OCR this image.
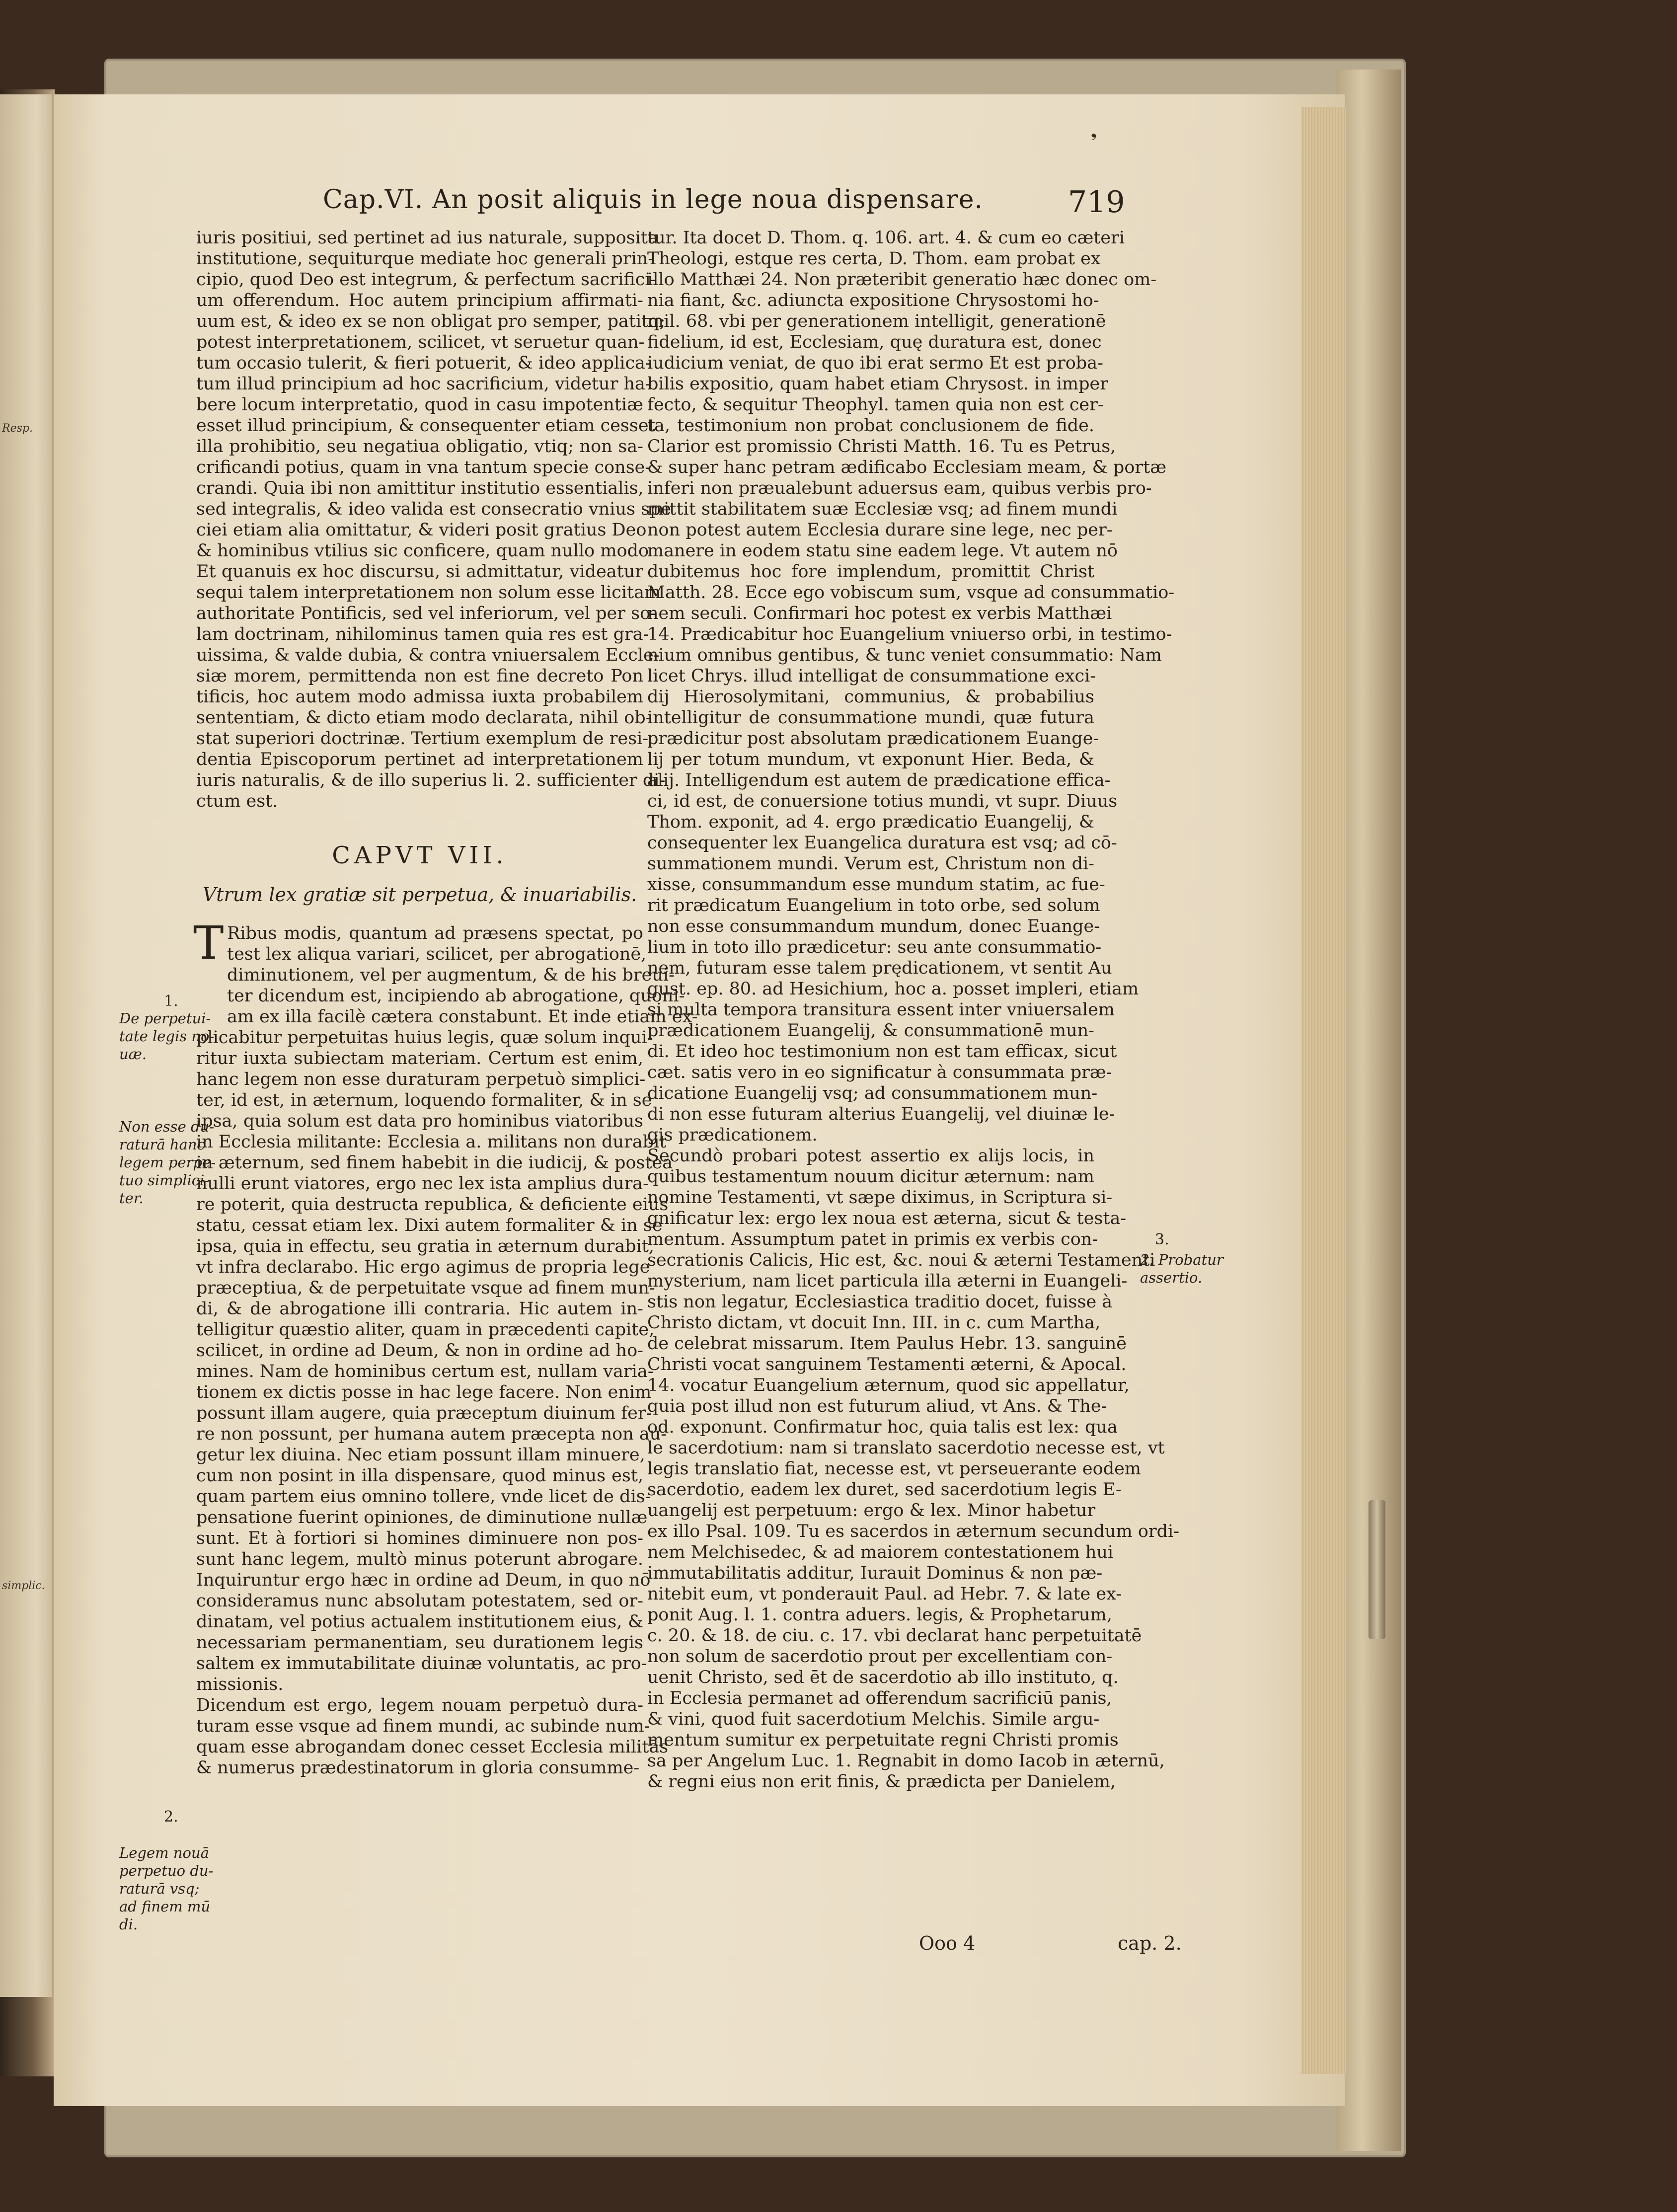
Resp.
simplic.
❟
Cap.VI. An posit aliquis in lege noua dispensare.	719
iuris positiui, sed pertinet ad ius naturale, supposita
institutione, sequiturque mediate hoc generali prin-
cipio, quod Deo est integrum, & perfectum sacrifici-
um offerendum. Hoc autem principium affirmati-
uum est, & ideo ex se non obligat pro semper, patitq;
potest interpretationem, scilicet, vt seruetur quan-
tum occasio tulerit, & fieri potuerit, & ideo applica-
tum illud principium ad hoc sacrificium, videtur ha-
bere locum interpretatio, quod in casu impotentiæ
esset illud principium, & consequenter etiam cesset
illa prohibitio, seu negatiua obligatio, vtiq; non sa-
crificandi potius, quam in vna tantum specie conse-
crandi. Quia ibi non amittitur institutio essentialis,
sed integralis, & ideo valida est consecratio vnius spe
ciei etiam alia omittatur, & videri posit gratius Deo
& hominibus vtilius sic conficere, quam nullo modo
Et quanuis ex hoc discursu, si admittatur, videatur
sequi talem interpretationem non solum esse licitam
authoritate Pontificis, sed vel inferiorum, vel per so-
lam doctrinam, nihilominus tamen quia res est gra-
uissima, & valde dubia, & contra vniuersalem Eccle-
siæ morem, permittenda non est fine decreto Pon
tificis, hoc autem modo admissa iuxta probabilem
sententiam, & dicto etiam modo declarata, nihil ob-
stat superiori doctrinæ. Tertium exemplum de resi-
dentia Episcoporum pertinet ad interpretationem
iuris naturalis, & de illo superius li. 2. sufficienter di-
ctum est.
CAPVT VII.
Vtrum lex gratiæ sit perpetua, & inuariabilis.
T Ribus modis, quantum ad præsens spectat, po
test lex aliqua variari, scilicet, per abrogationē,
diminutionem, vel per augmentum, & de his breui-
ter dicendum est, incipiendo ab abrogatione, quoni-
am ex illa facilè cætera constabunt. Et inde etiam ex-
plicabitur perpetuitas huius legis, quæ solum inqui-
ritur iuxta subiectam materiam. Certum est enim,
hanc legem non esse duraturam perpetuò simplici-
ter, id est, in æternum, loquendo formaliter, & in se
ipsa, quia solum est data pro hominibus viatoribus
in Ecclesia militante: Ecclesia a. militans non durabit
in æternum, sed finem habebit in die iudicij, & postea
nulli erunt viatores, ergo nec lex ista amplius dura-
re poterit, quia destructa republica, & deficiente eius
statu, cessat etiam lex. Dixi autem formaliter & in se
ipsa, quia in effectu, seu gratia in æternum durabit,
vt infra declarabo. Hic ergo agimus de propria lege
præceptiua, & de perpetuitate vsque ad finem mun-
di, & de abrogatione illi contraria. Hic autem in-
telligitur quæstio aliter, quam in præcedenti capite,
scilicet, in ordine ad Deum, & non in ordine ad ho-
mines. Nam de hominibus certum est, nullam varia-
tionem ex dictis posse in hac lege facere. Non enim
possunt illam augere, quia præceptum diuinum fer-
re non possunt, per humana autem præcepta non au-
getur lex diuina. Nec etiam possunt illam minuere,
cum non posint in illa dispensare, quod minus est,
quam partem eius omnino tollere, vnde licet de dis-
pensatione fuerint opiniones, de diminutione nullæ
sunt. Et à fortiori si homines diminuere non pos-
sunt hanc legem, multò minus poterunt abrogare.
Inquiruntur ergo hæc in ordine ad Deum, in quo nō
consideramus nunc absolutam potestatem, sed or-
dinatam, vel potius actualem institutionem eius, &
necessariam permanentiam, seu durationem legis
saltem ex immutabilitate diuinæ voluntatis, ac pro-
missionis.
Dicendum est ergo, legem nouam perpetuò dura-
turam esse vsque ad finem mundi, ac subinde num-
quam esse abrogandam donec cesset Ecclesia militās
& numerus prædestinatorum in gloria consumme-
tur. Ita docet D. Thom. q. 106. art. 4. & cum eo cæteri
Theologi, estque res certa, D. Thom. eam probat ex
illo Matthæi 24. Non præteribit generatio hæc donec om-
nia fiant, &c. adiuncta expositione Chrysostomi ho-
mil. 68. vbi per generationem intelligit, generationē
fidelium, id est, Ecclesiam, quę duratura est, donec
iudicium veniat, de quo ibi erat sermo Et est proba-
bilis expositio, quam habet etiam Chrysost. in imper
fecto, & sequitur Theophyl. tamen quia non est cer-
ta, testimonium non probat conclusionem de fide.
Clarior est promissio Christi Matth. 16. Tu es Petrus,
& super hanc petram ædificabo Ecclesiam meam, & portæ
inferi non præualebunt aduersus eam, quibus verbis pro-
mittit stabilitatem suæ Ecclesiæ vsq; ad finem mundi
non potest autem Ecclesia durare sine lege, nec per-
manere in eodem statu sine eadem lege. Vt autem nō
dubitemus hoc fore implendum, promittit Christ
Matth. 28. Ecce ego vobiscum sum, vsque ad consummatio-
nem seculi. Confirmari hoc potest ex verbis Matthæi
14. Prædicabitur hoc Euangelium vniuerso orbi, in testimo-
nium omnibus gentibus, & tunc veniet consummatio: Nam
licet Chrys. illud intelligat de consummatione exci-
dij Hierosolymitani, communius, & probabilius
intelligitur de consummatione mundi, quæ futura
prædicitur post absolutam prædicationem Euange-
lij per totum mundum, vt exponunt Hier. Beda, &
alij. Intelligendum est autem de prædicatione effica-
ci, id est, de conuersione totius mundi, vt supr. Diuus
Thom. exponit, ad 4. ergo prædicatio Euangelij, &
consequenter lex Euangelica duratura est vsq; ad cō-
summationem mundi. Verum est, Christum non di-
xisse, consummandum esse mundum statim, ac fue-
rit prædicatum Euangelium in toto orbe, sed solum
non esse consummandum mundum, donec Euange-
lium in toto illo prædicetur: seu ante consummatio-
nem, futuram esse talem prędicationem, vt sentit Au
gust. ep. 80. ad Hesichium, hoc a. posset impleri, etiam
si multa tempora transitura essent inter vniuersalem
prædicationem Euangelij, & consummationē mun-
di. Et ideo hoc testimonium non est tam efficax, sicut
cæt. satis vero in eo significatur à consummata præ-
dicatione Euangelij vsq; ad consummationem mun-
di non esse futuram alterius Euangelij, vel diuinæ le-
gis prædicationem.
Secundò probari potest assertio ex alijs locis, in
quibus testamentum nouum dicitur æternum: nam
nomine Testamenti, vt sæpe diximus, in Scriptura si-
gnificatur lex: ergo lex noua est æterna, sicut & testa-
mentum. Assumptum patet in primis ex verbis con-
secrationis Calicis, Hic est, &c. noui & æterni Testamenti
mysterium, nam licet particula illa æterni in Euangeli-
stis non legatur, Ecclesiastica traditio docet, fuisse à
Christo dictam, vt docuit Inn. III. in c. cum Martha,
de celebrat missarum. Item Paulus Hebr. 13. sanguinē
Christi vocat sanguinem Testamenti æterni, & Apocal.
14. vocatur Euangelium æternum, quod sic appellatur,
quia post illud non est futurum aliud, vt Ans. & The-
od. exponunt. Confirmatur hoc, quia talis est lex: qua
le sacerdotium: nam si translato sacerdotio necesse est, vt
legis translatio fiat, necesse est, vt perseuerante eodem
sacerdotio, eadem lex duret, sed sacerdotium legis E-
uangelij est perpetuum: ergo & lex. Minor habetur
ex illo Psal. 109. Tu es sacerdos in æternum secundum ordi-
nem Melchisedec, & ad maiorem contestationem hui
immutabilitatis additur, Iurauit Dominus & non pæ-
nitebit eum, vt ponderauit Paul. ad Hebr. 7. & late ex-
ponit Aug. l. 1. contra aduers. legis, & Prophetarum,
c. 20. & 18. de ciu. c. 17. vbi declarat hanc perpetuitatē
non solum de sacerdotio prout per excellentiam con-
uenit Christo, sed ēt de sacerdotio ab illo instituto, q.
in Ecclesia permanet ad offerendum sacrificiū panis,
& vini, quod fuit sacerdotium Melchis. Simile argu-
mentum sumitur ex perpetuitate regni Christi promis
sa per Angelum Luc. 1. Regnabit in domo Iacob in æternū,
& regni eius non erit finis, & prædicta per Danielem,
1.
De perpetui-
tate legis no-
uæ.
Non esse du-
raturā hanc
legem perpe-
tuo simplici-
ter.
2.
Legem nouā
perpetuo du-
raturā vsq;
ad finem mū
di.
3.
2. Probatur
assertio.
Ooo 4	cap. 2.
